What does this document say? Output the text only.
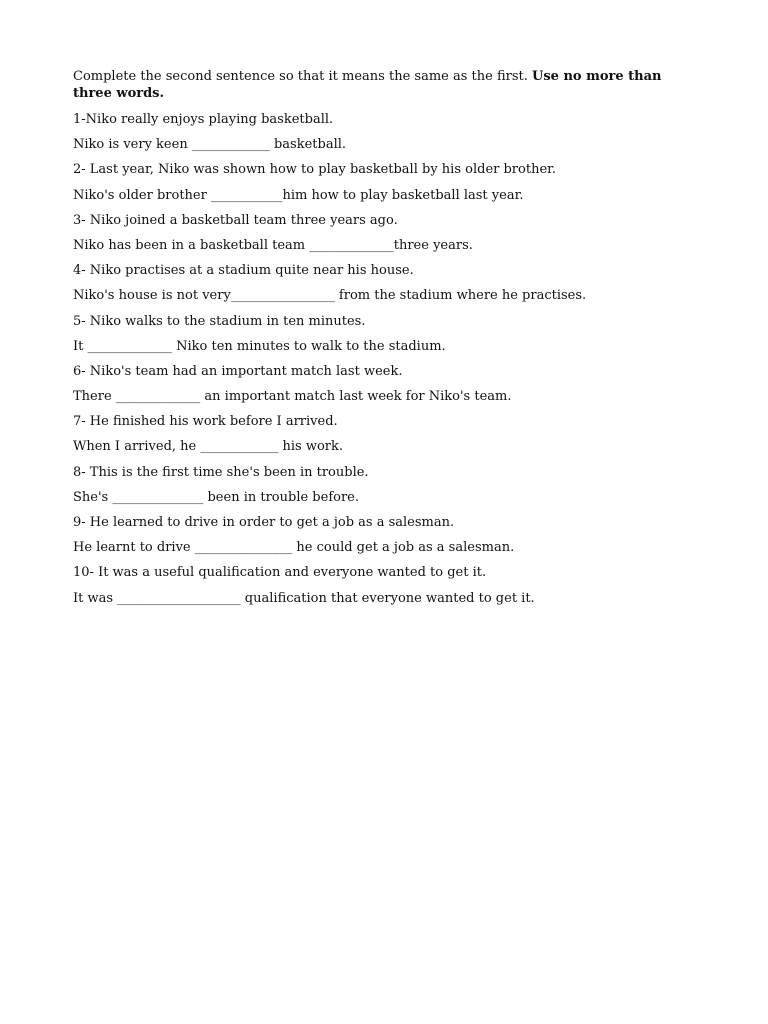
Complete the second sentence so that it means the same as the first. Use no more than three words.

1-Niko really enjoys playing basketball.
Niko is very keen ____________ basketball.
2- Last year, Niko was shown how to play basketball by his older brother.
Niko's older brother ___________him how to play basketball last year.
3- Niko joined a basketball team three years ago.
Niko has been in a basketball team _____________three years.
4- Niko practises at a stadium quite near his house.
Niko's house is not very________________ from the stadium where he practises.
5- Niko walks to the stadium in ten minutes.
It _____________ Niko ten minutes to walk to the stadium.
6- Niko's team had an important match last week.
There _____________ an important match last week for Niko's team.
7- He finished his work before I arrived.
When I arrived, he ____________ his work.
8- This is the first time she's been in trouble.
She's ______________ been in trouble before.
9- He learned to drive in order to get a job as a salesman.
He learnt to drive _______________ he could get a job as a salesman.
10- It was a useful qualification and everyone wanted to get it.
It was ___________________ qualification that everyone wanted to get it.
